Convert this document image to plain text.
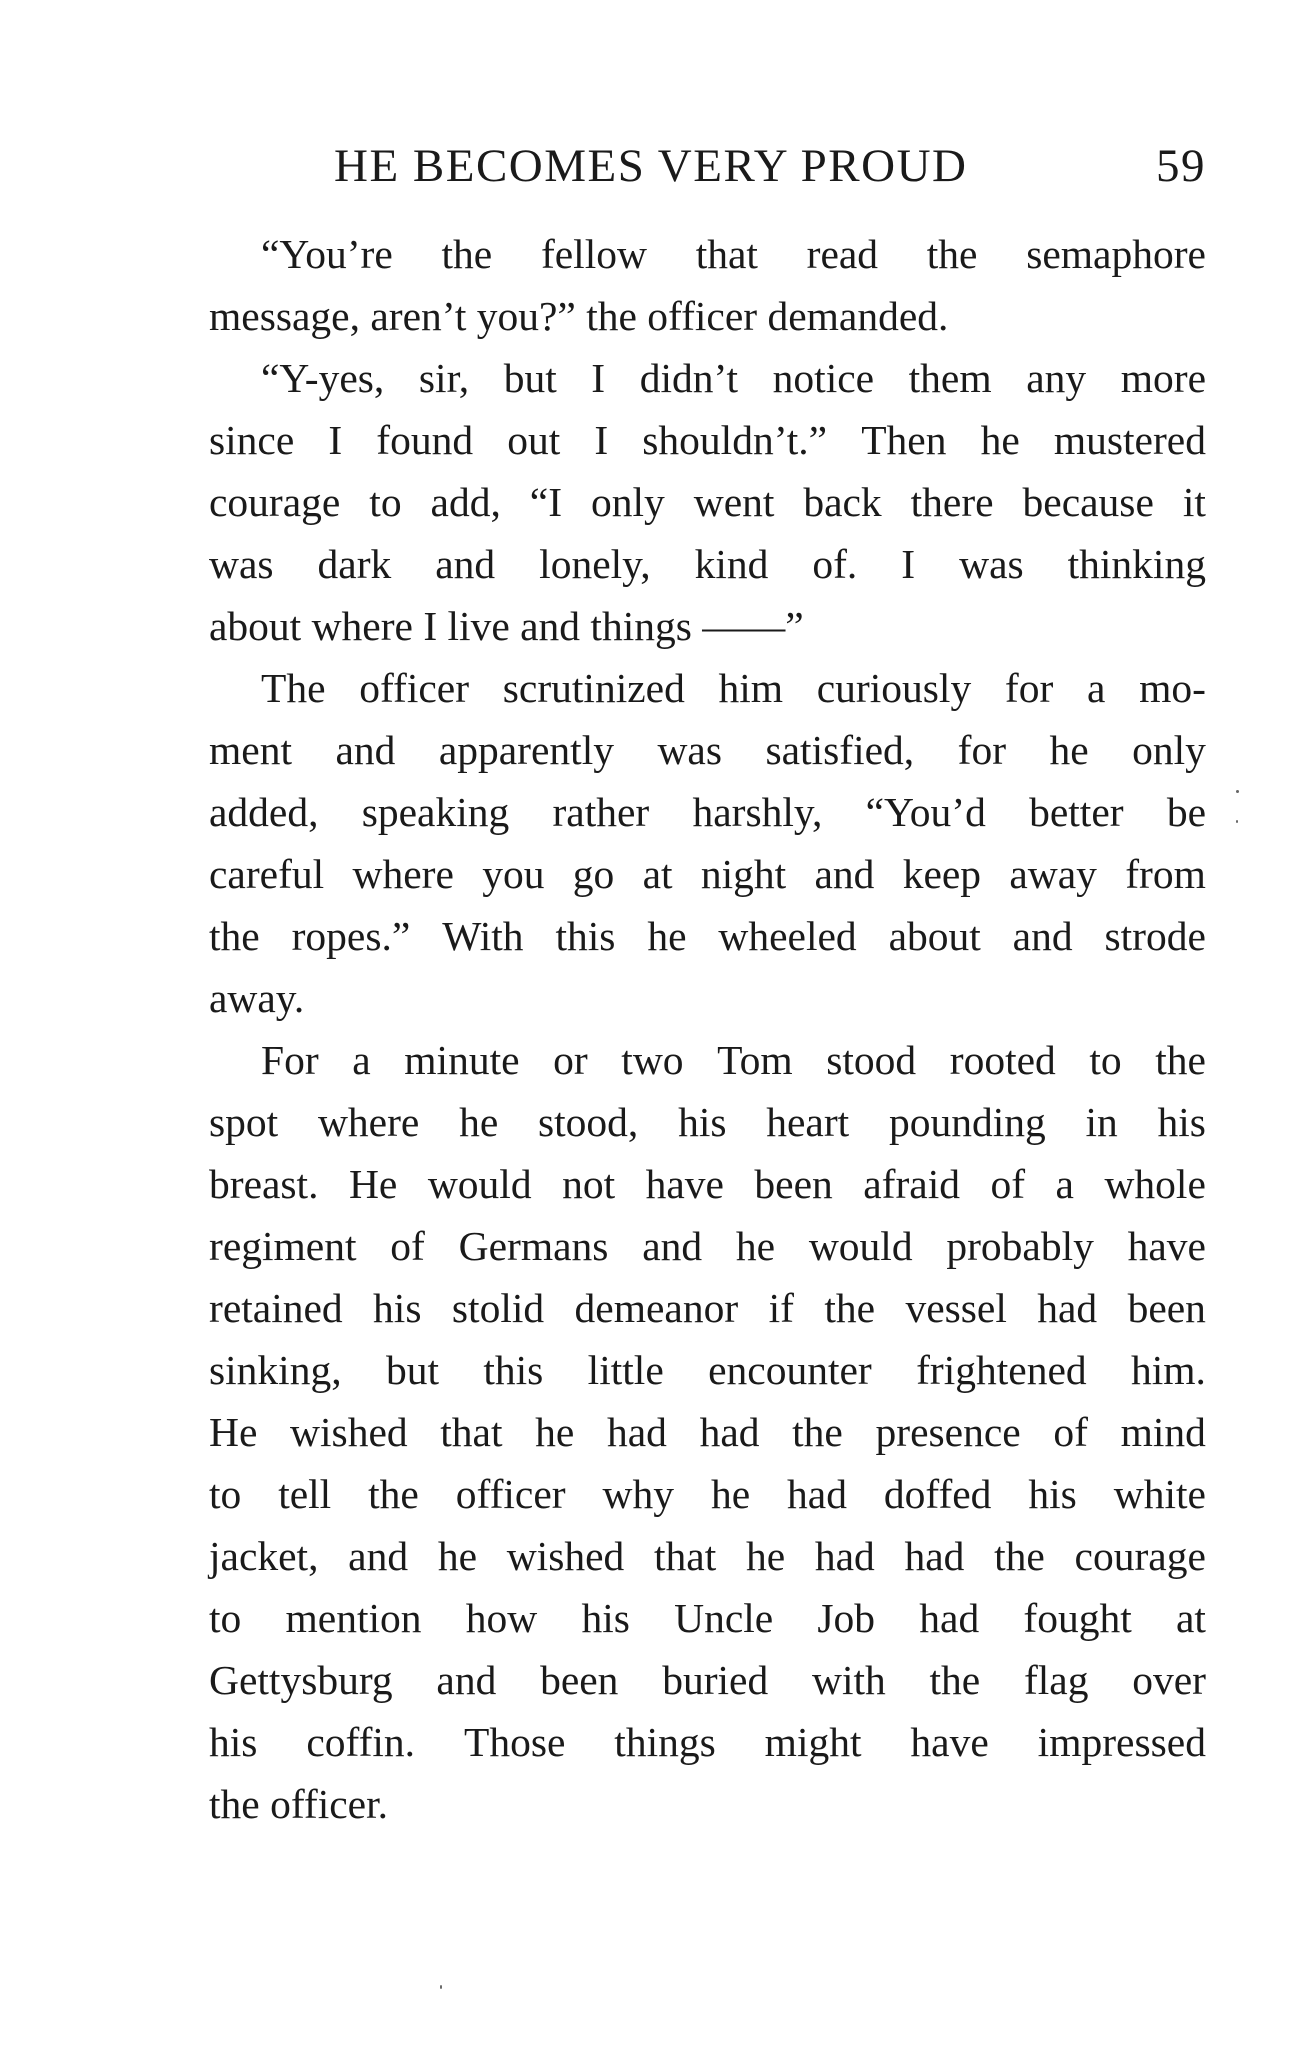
HE BECOMES VERY PROUD	59

“You’re the fellow that read the semaphore
message, aren’t you?” the officer demanded.

“Y-yes, sir, but I didn’t notice them any more
since I found out I shouldn’t.” Then he mustered
courage to add, “I only went back there because it
was dark and lonely, kind of. I was thinking
about where I live and things ——”

The officer scrutinized him curiously for a mo-
ment and apparently was satisfied, for he only
added, speaking rather harshly, “You’d better be
careful where you go at night and keep away from
the ropes.” With this he wheeled about and strode
away.

For a minute or two Tom stood rooted to the
spot where he stood, his heart pounding in his
breast. He would not have been afraid of a whole
regiment of Germans and he would probably have
retained his stolid demeanor if the vessel had been
sinking, but this little encounter frightened him.
He wished that he had had the presence of mind
to tell the officer why he had doffed his white
jacket, and he wished that he had had the courage
to mention how his Uncle Job had fought at
Gettysburg and been buried with the flag over
his coffin. Those things might have impressed
the officer.
